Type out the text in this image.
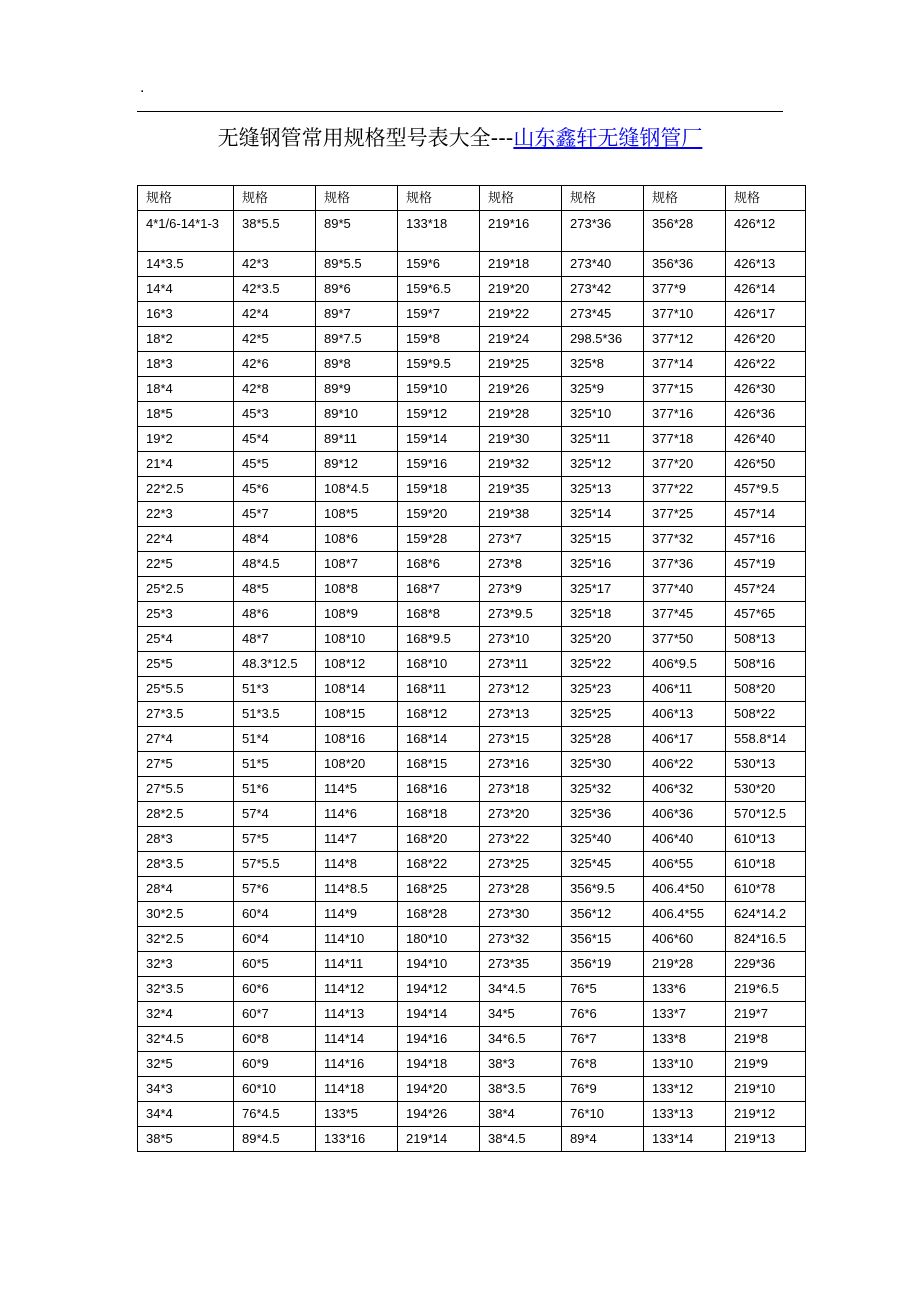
.
无缝钢管常用规格型号表大全---山东鑫轩无缝钢管厂
规格	规格	规格	规格	规格	规格	规格	规格
4*1/6-14*1-3	38*5.5	89*5	133*18	219*16	273*36	356*28	426*12
14*3.5	42*3	89*5.5	159*6	219*18	273*40	356*36	426*13
14*4	42*3.5	89*6	159*6.5	219*20	273*42	377*9	426*14
16*3	42*4	89*7	159*7	219*22	273*45	377*10	426*17
18*2	42*5	89*7.5	159*8	219*24	298.5*36	377*12	426*20
18*3	42*6	89*8	159*9.5	219*25	325*8	377*14	426*22
18*4	42*8	89*9	159*10	219*26	325*9	377*15	426*30
18*5	45*3	89*10	159*12	219*28	325*10	377*16	426*36
19*2	45*4	89*11	159*14	219*30	325*11	377*18	426*40
21*4	45*5	89*12	159*16	219*32	325*12	377*20	426*50
22*2.5	45*6	108*4.5	159*18	219*35	325*13	377*22	457*9.5
22*3	45*7	108*5	159*20	219*38	325*14	377*25	457*14
22*4	48*4	108*6	159*28	273*7	325*15	377*32	457*16
22*5	48*4.5	108*7	168*6	273*8	325*16	377*36	457*19
25*2.5	48*5	108*8	168*7	273*9	325*17	377*40	457*24
25*3	48*6	108*9	168*8	273*9.5	325*18	377*45	457*65
25*4	48*7	108*10	168*9.5	273*10	325*20	377*50	508*13
25*5	48.3*12.5	108*12	168*10	273*11	325*22	406*9.5	508*16
25*5.5	51*3	108*14	168*11	273*12	325*23	406*11	508*20
27*3.5	51*3.5	108*15	168*12	273*13	325*25	406*13	508*22
27*4	51*4	108*16	168*14	273*15	325*28	406*17	558.8*14
27*5	51*5	108*20	168*15	273*16	325*30	406*22	530*13
27*5.5	51*6	114*5	168*16	273*18	325*32	406*32	530*20
28*2.5	57*4	114*6	168*18	273*20	325*36	406*36	570*12.5
28*3	57*5	114*7	168*20	273*22	325*40	406*40	610*13
28*3.5	57*5.5	114*8	168*22	273*25	325*45	406*55	610*18
28*4	57*6	114*8.5	168*25	273*28	356*9.5	406.4*50	610*78
30*2.5	60*4	114*9	168*28	273*30	356*12	406.4*55	624*14.2
32*2.5	60*4	114*10	180*10	273*32	356*15	406*60	824*16.5
32*3	60*5	114*11	194*10	273*35	356*19	219*28	229*36
32*3.5	60*6	114*12	194*12	34*4.5	76*5	133*6	219*6.5
32*4	60*7	114*13	194*14	34*5	76*6	133*7	219*7
32*4.5	60*8	114*14	194*16	34*6.5	76*7	133*8	219*8
32*5	60*9	114*16	194*18	38*3	76*8	133*10	219*9
34*3	60*10	114*18	194*20	38*3.5	76*9	133*12	219*10
34*4	76*4.5	133*5	194*26	38*4	76*10	133*13	219*12
38*5	89*4.5	133*16	219*14	38*4.5	89*4	133*14	219*13
